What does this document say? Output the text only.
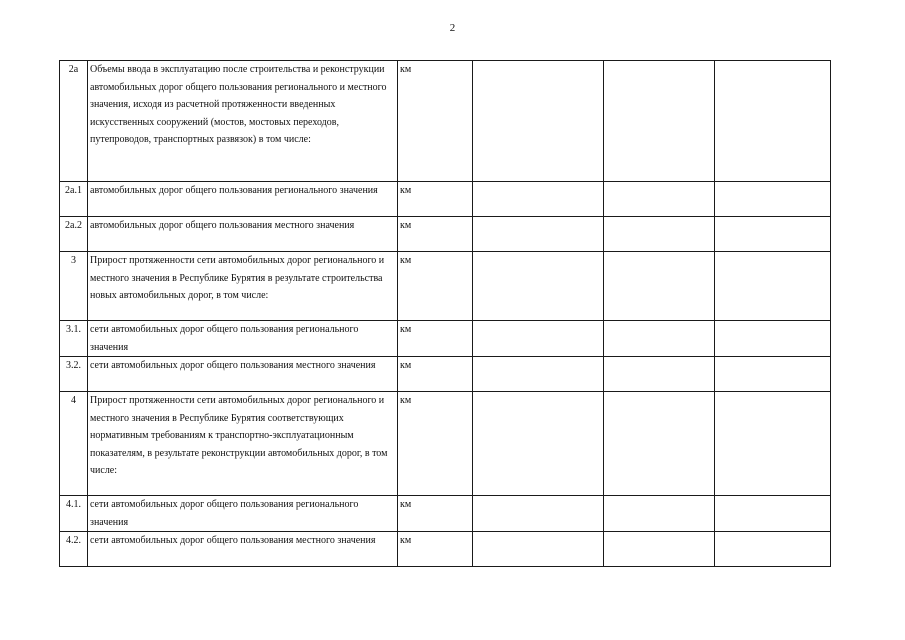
2
2а	Объемы ввода в эксплуатацию после строительства и реконструкции автомобильных дорог общего пользования регионального и местного значения, исходя из расчетной протяженности введенных искусственных сооружений (мостов, мостовых переходов, путепроводов, транспортных развязок) в том числе:	км			
2а.1	автомобильных дорог общего пользования регионального значения	км			
2а.2	автомобильных дорог общего пользования местного значения	км			
3	Прирост протяженности сети автомобильных дорог регионального и местного значения в Республике Бурятия в результате строительства новых автомобильных дорог, в том числе:	км			
3.1.	сети автомобильных дорог общего пользования регионального значения	км			
3.2.	сети автомобильных дорог общего пользования местного значения	км			
4	Прирост протяженности сети автомобильных дорог регионального и местного значения в Республике Бурятия соответствующих нормативным требованиям к транспортно-эксплуатационным показателям, в результате реконструкции автомобильных дорог, в том числе:	км			
4.1.	сети автомобильных дорог общего пользования регионального значения	км			
4.2.	сети автомобильных дорог общего пользования местного значения	км			
